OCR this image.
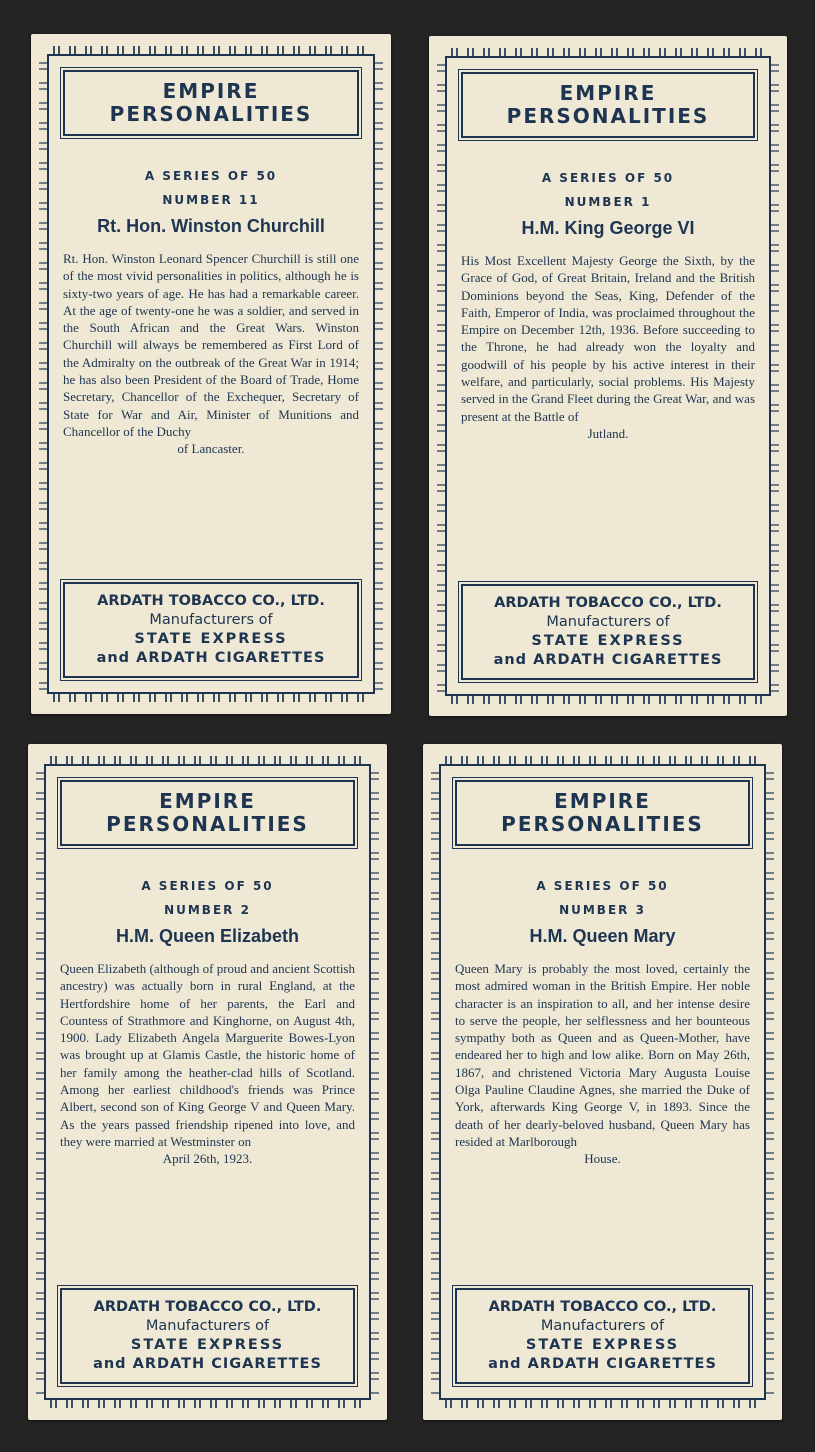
EMPIRE
PERSONALITIES
A SERIES OF 50
NUMBER 11
Rt. Hon. Winston Churchill
Rt. Hon. Winston Leonard Spencer Churchill is still one of the most vivid personalities in politics, although he is sixty-two years of age. He has had a remarkable career. At the age of twenty-one he was a soldier, and served in the South African and the Great Wars. Winston Churchill will always be remembered as First Lord of the Admiralty on the outbreak of the Great War in 1914; he has also been President of the Board of Trade, Home Secretary, Chancellor of the Exchequer, Secretary of State for War and Air, Minister of Munitions and Chancellor of the Duchy
of Lancaster.
ARDATH TOBACCO CO., LTD.
Manufacturers of
STATE EXPRESS
and ARDATH CIGARETTES
EMPIRE
PERSONALITIES
A SERIES OF 50
NUMBER 1
H.M. King George VI
His Most Excellent Majesty George the Sixth, by the Grace of God, of Great Britain, Ireland and the British Dominions beyond the Seas, King, Defender of the Faith, Emperor of India, was proclaimed throughout the Empire on December 12th, 1936. Before succeeding to the Throne, he had already won the loyalty and goodwill of his people by his active interest in their welfare, and particularly, social problems. His Majesty served in the Grand Fleet during the Great War, and was present at the Battle of
Jutland.
ARDATH TOBACCO CO., LTD.
Manufacturers of
STATE EXPRESS
and ARDATH CIGARETTES
EMPIRE
PERSONALITIES
A SERIES OF 50
NUMBER 2
H.M. Queen Elizabeth
Queen Elizabeth (although of proud and ancient Scottish ancestry) was actually born in rural England, at the Hertfordshire home of her parents, the Earl and Countess of Strathmore and Kinghorne, on August 4th, 1900. Lady Elizabeth Angela Marguerite Bowes-Lyon was brought up at Glamis Castle, the historic home of her family among the heather-clad hills of Scotland. Among her earliest childhood's friends was Prince Albert, second son of King George V and Queen Mary. As the years passed friendship ripened into love, and they were married at Westminster on
April 26th, 1923.
ARDATH TOBACCO CO., LTD.
Manufacturers of
STATE EXPRESS
and ARDATH CIGARETTES
EMPIRE
PERSONALITIES
A SERIES OF 50
NUMBER 3
H.M. Queen Mary
Queen Mary is probably the most loved, certainly the most admired woman in the British Empire. Her noble character is an inspiration to all, and her intense desire to serve the people, her selflessness and her bounteous sympathy both as Queen and as Queen-Mother, have endeared her to high and low alike. Born on May 26th, 1867, and christened Victoria Mary Augusta Louise Olga Pauline Claudine Agnes, she married the Duke of York, afterwards King George V, in 1893. Since the death of her dearly-beloved husband, Queen Mary has resided at Marlborough
House.
ARDATH TOBACCO CO., LTD.
Manufacturers of
STATE EXPRESS
and ARDATH CIGARETTES
